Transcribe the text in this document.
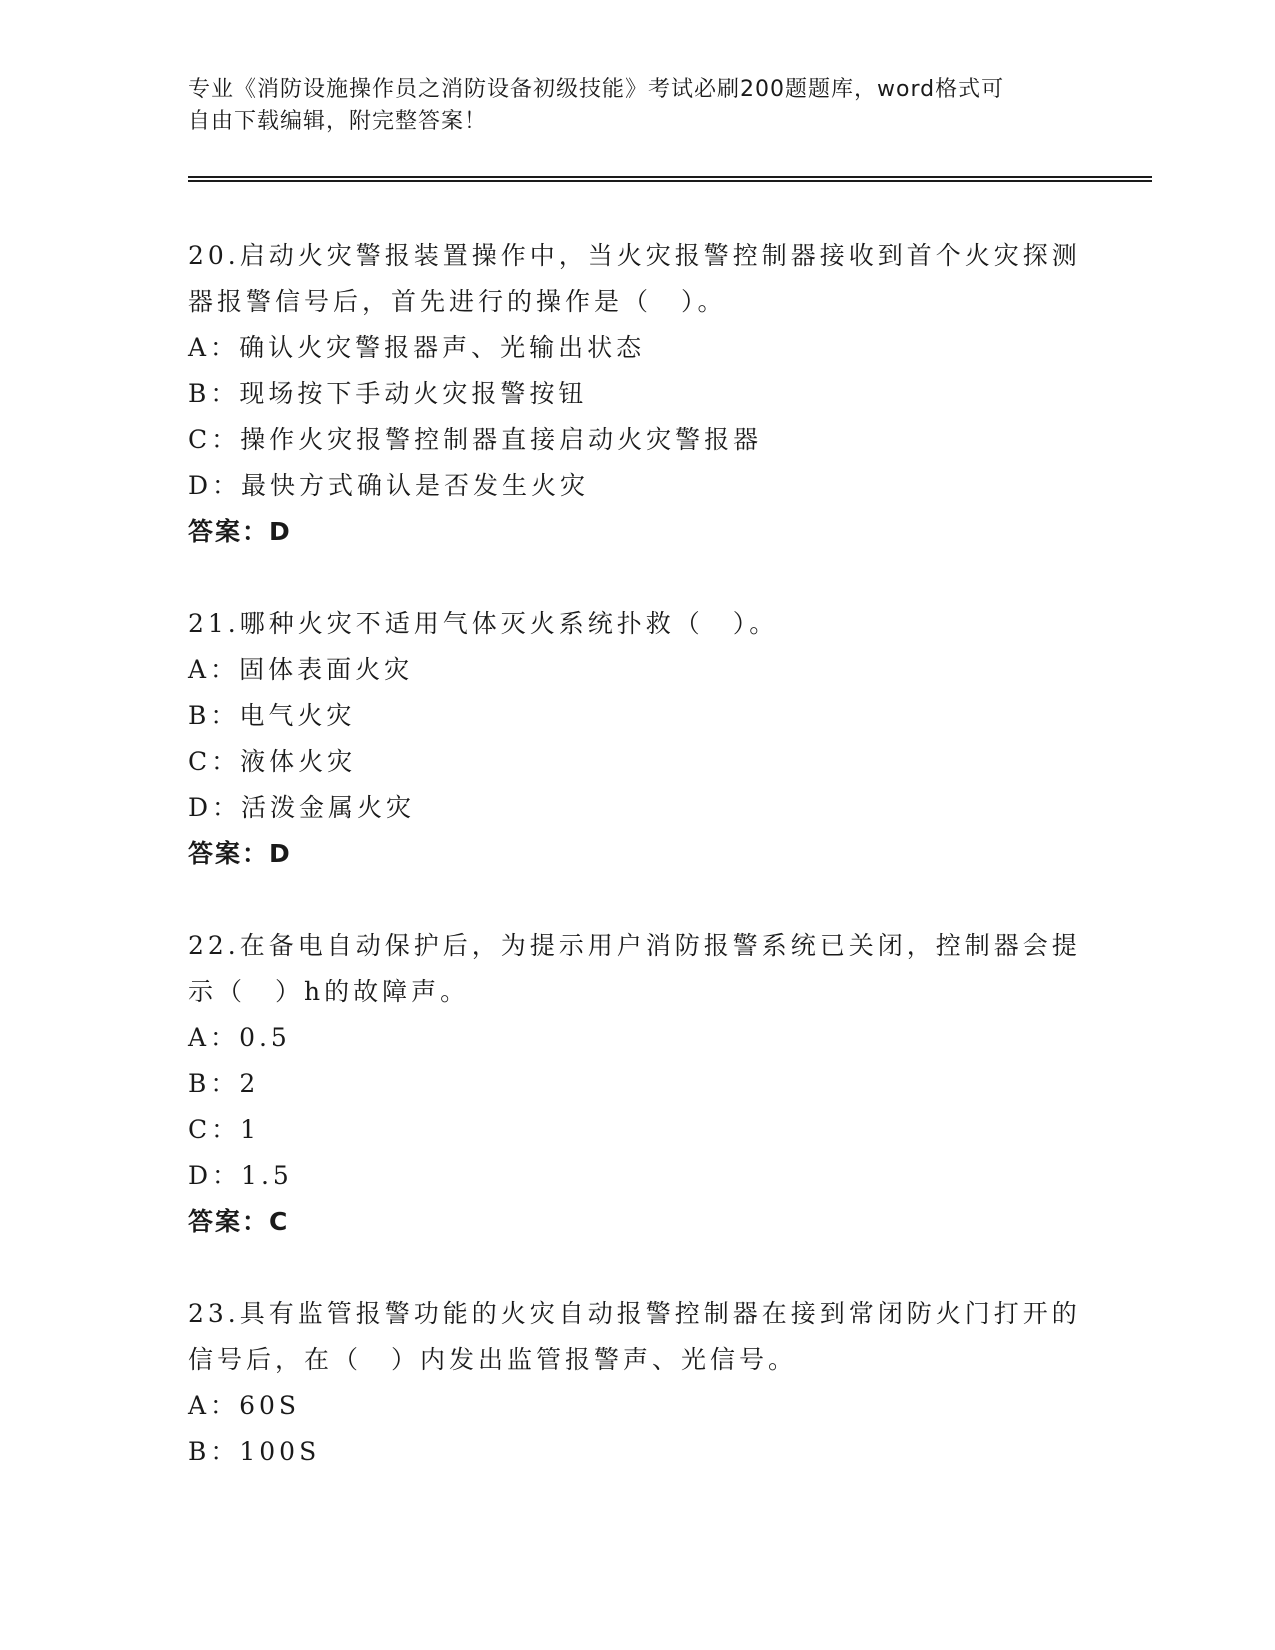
专业《消防设施操作员之消防设备初级技能》考试必刷200题题库，word格式可
自由下载编辑，附完整答案！

20.启动火灾警报装置操作中，当火灾报警控制器接收到首个火灾探测器报警信号后，首先进行的操作是（　）。

A：确认火灾警报器声、光输出状态
B：现场按下手动火灾报警按钮
C：操作火灾报警控制器直接启动火灾警报器
D：最快方式确认是否发生火灾

答案：D

21.哪种火灾不适用气体灭火系统扑救（　）。

A：固体表面火灾
B：电气火灾
C：液体火灾
D：活泼金属火灾

答案：D

22.在备电自动保护后，为提示用户消防报警系统已关闭，控制器会提示（　）h的故障声。

A：0.5
B：2
C：1
D：1.5

答案：C

23.具有监管报警功能的火灾自动报警控制器在接到常闭防火门打开的信号后，在（　）内发出监管报警声、光信号。

A：60S
B：100S
